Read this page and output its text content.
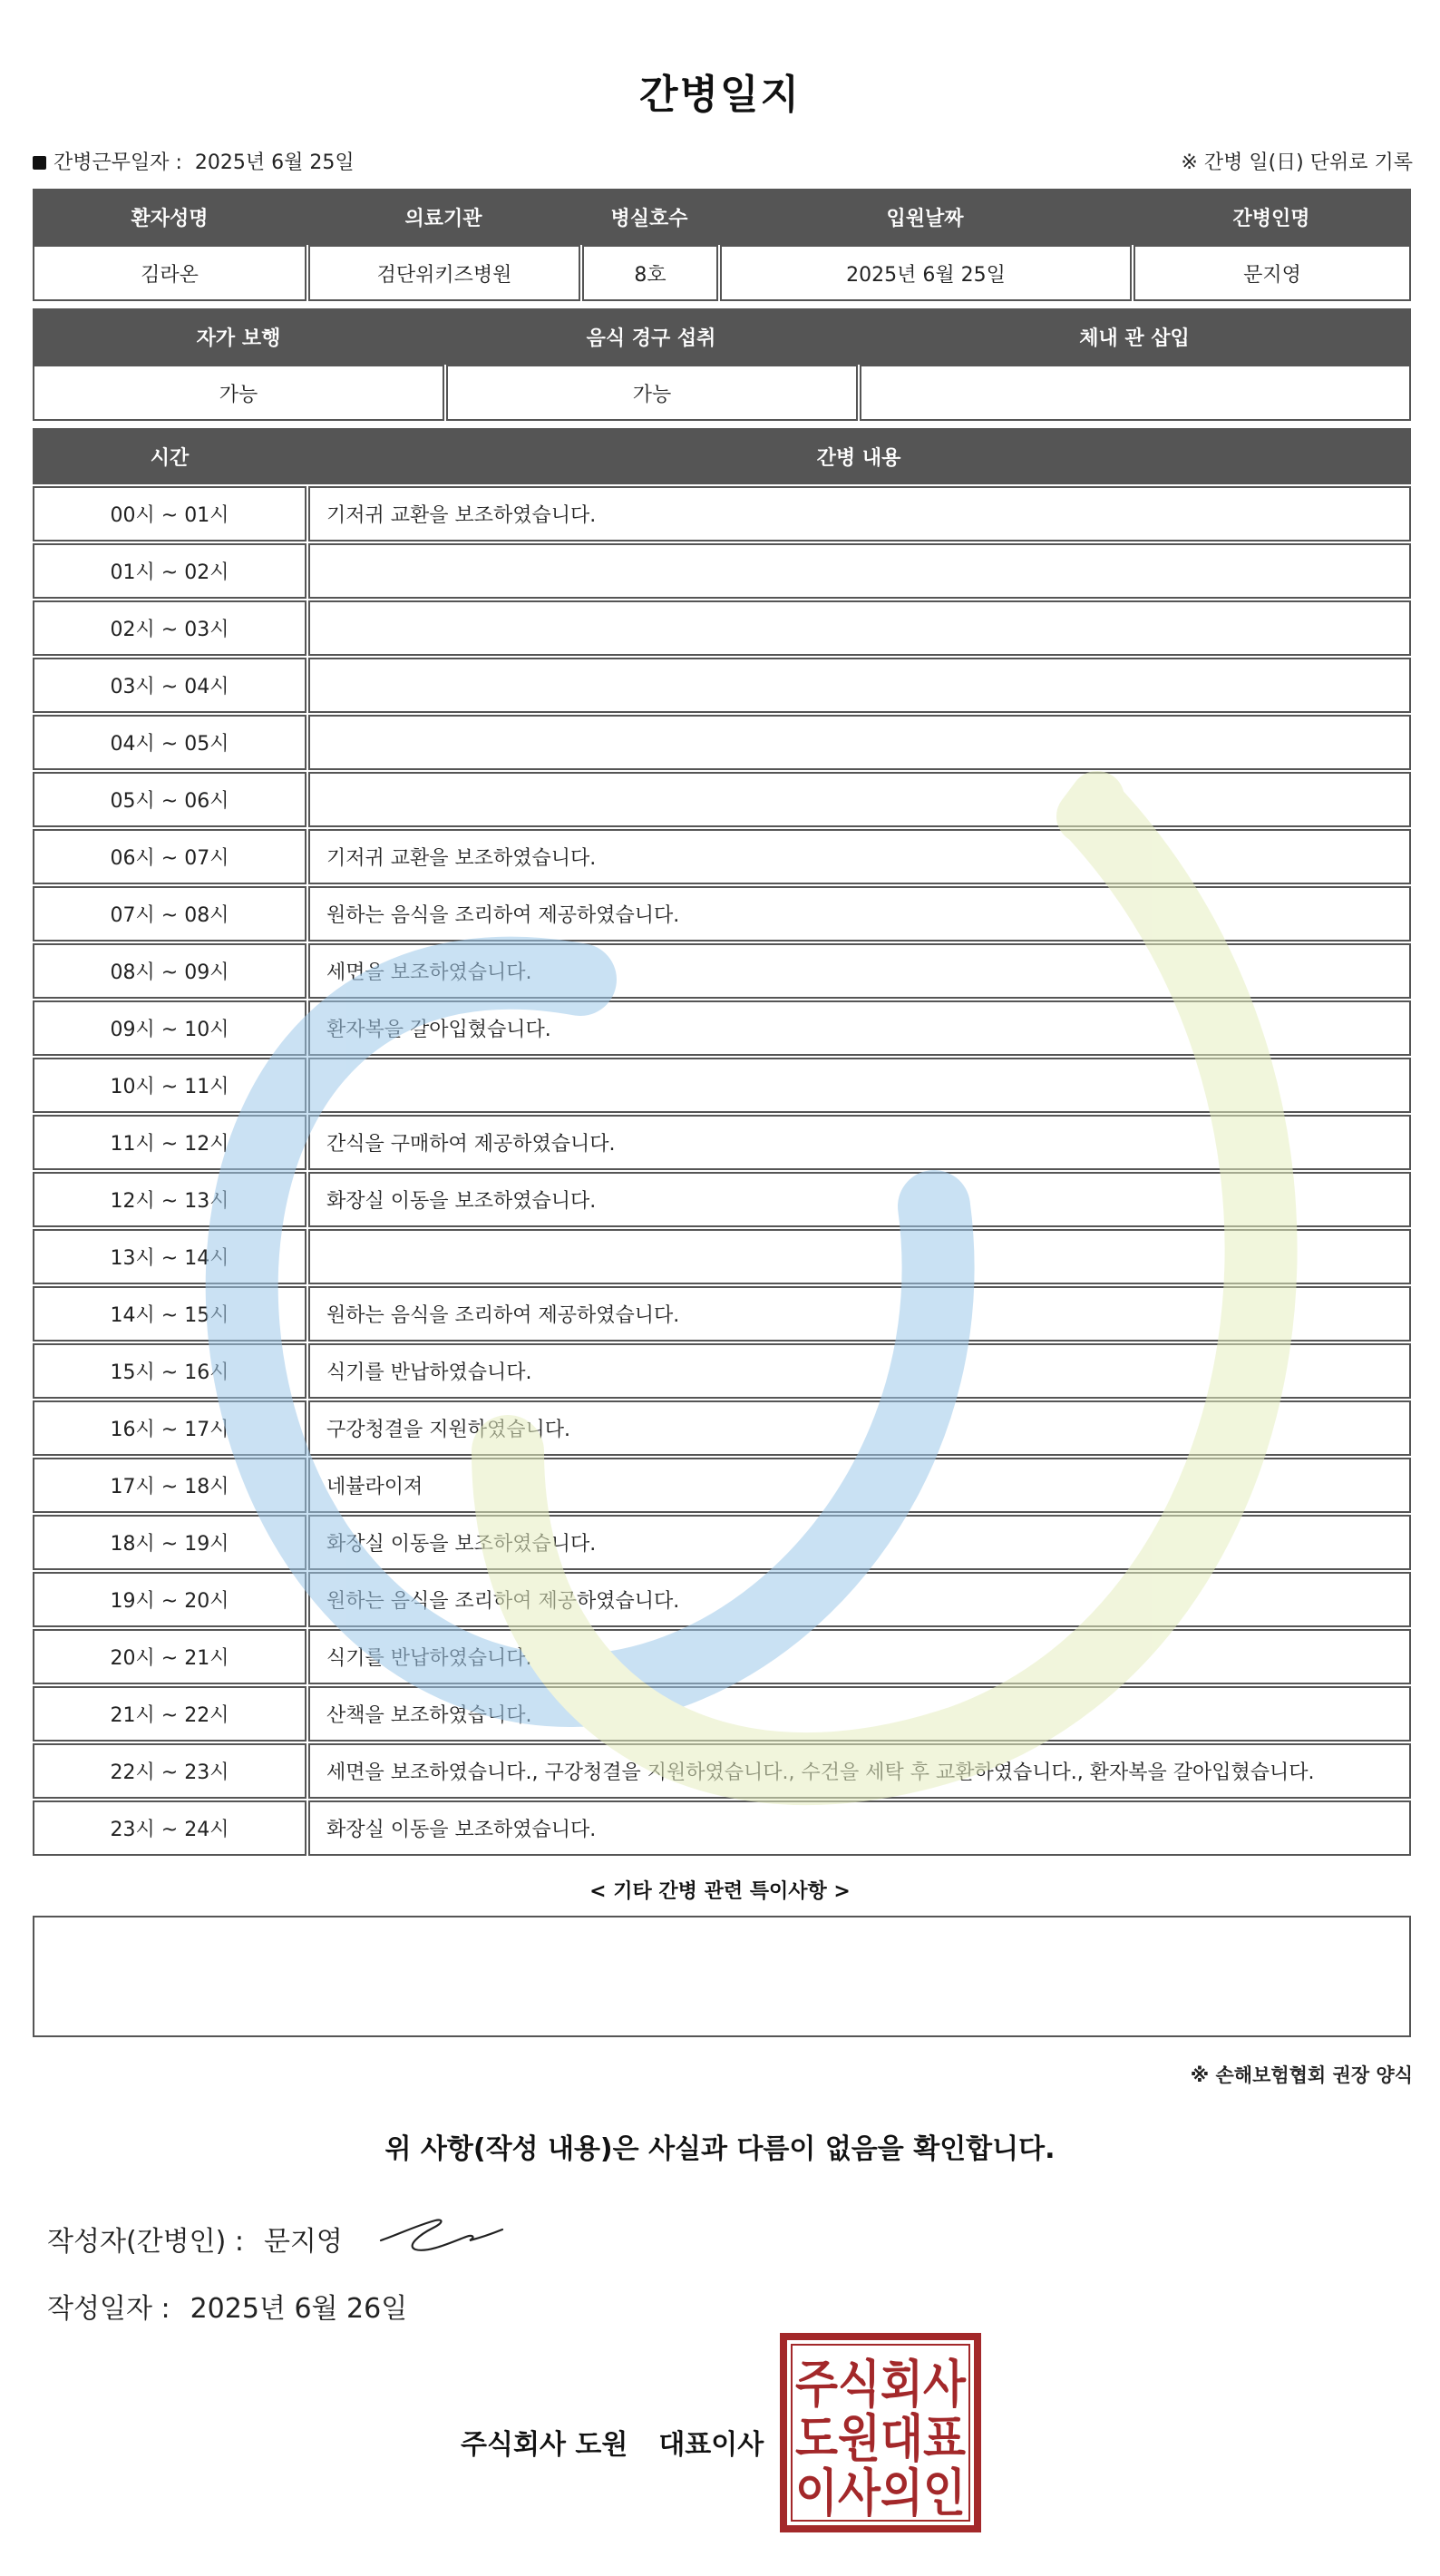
간병일지
간병근무일자 : 2025년 6월 25일	※ 간병 일(日) 단위로 기록
환자성명	의료기관	병실호수	입원날짜	간병인명
김라온	검단위키즈병원	8호	2025년 6월 25일	문지영
자가 보행	음식 경구 섭취	체내 관 삽입
가능	가능
시간	간병 내용
00시 ~ 01시	기저귀 교환을 보조하였습니다.
01시 ~ 02시
02시 ~ 03시
03시 ~ 04시
04시 ~ 05시
05시 ~ 06시
06시 ~ 07시	기저귀 교환을 보조하였습니다.
07시 ~ 08시	원하는 음식을 조리하여 제공하였습니다.
08시 ~ 09시	세면을 보조하였습니다.
09시 ~ 10시	환자복을 갈아입혔습니다.
10시 ~ 11시
11시 ~ 12시	간식을 구매하여 제공하였습니다.
12시 ~ 13시	화장실 이동을 보조하였습니다.
13시 ~ 14시
14시 ~ 15시	원하는 음식을 조리하여 제공하였습니다.
15시 ~ 16시	식기를 반납하였습니다.
16시 ~ 17시	구강청결을 지원하였습니다.
17시 ~ 18시	네뷸라이져
18시 ~ 19시	화장실 이동을 보조하였습니다.
19시 ~ 20시	원하는 음식을 조리하여 제공하였습니다.
20시 ~ 21시	식기를 반납하였습니다.
21시 ~ 22시	산책을 보조하였습니다.
22시 ~ 23시	세면을 보조하였습니다., 구강청결을 지원하였습니다., 수건을 세탁 후 교환하였습니다., 환자복을 갈아입혔습니다.
23시 ~ 24시	화장실 이동을 보조하였습니다.
< 기타 간병 관련 특이사항 >
※ 손해보험협회 권장 양식
위 사항(작성 내용)은 사실과 다름이 없음을 확인합니다.
작성자(간병인) : 문지영
작성일자 : 2025년 6월 26일
주식회사 도원 대표이사
주식회사
도원대표
이사의인
